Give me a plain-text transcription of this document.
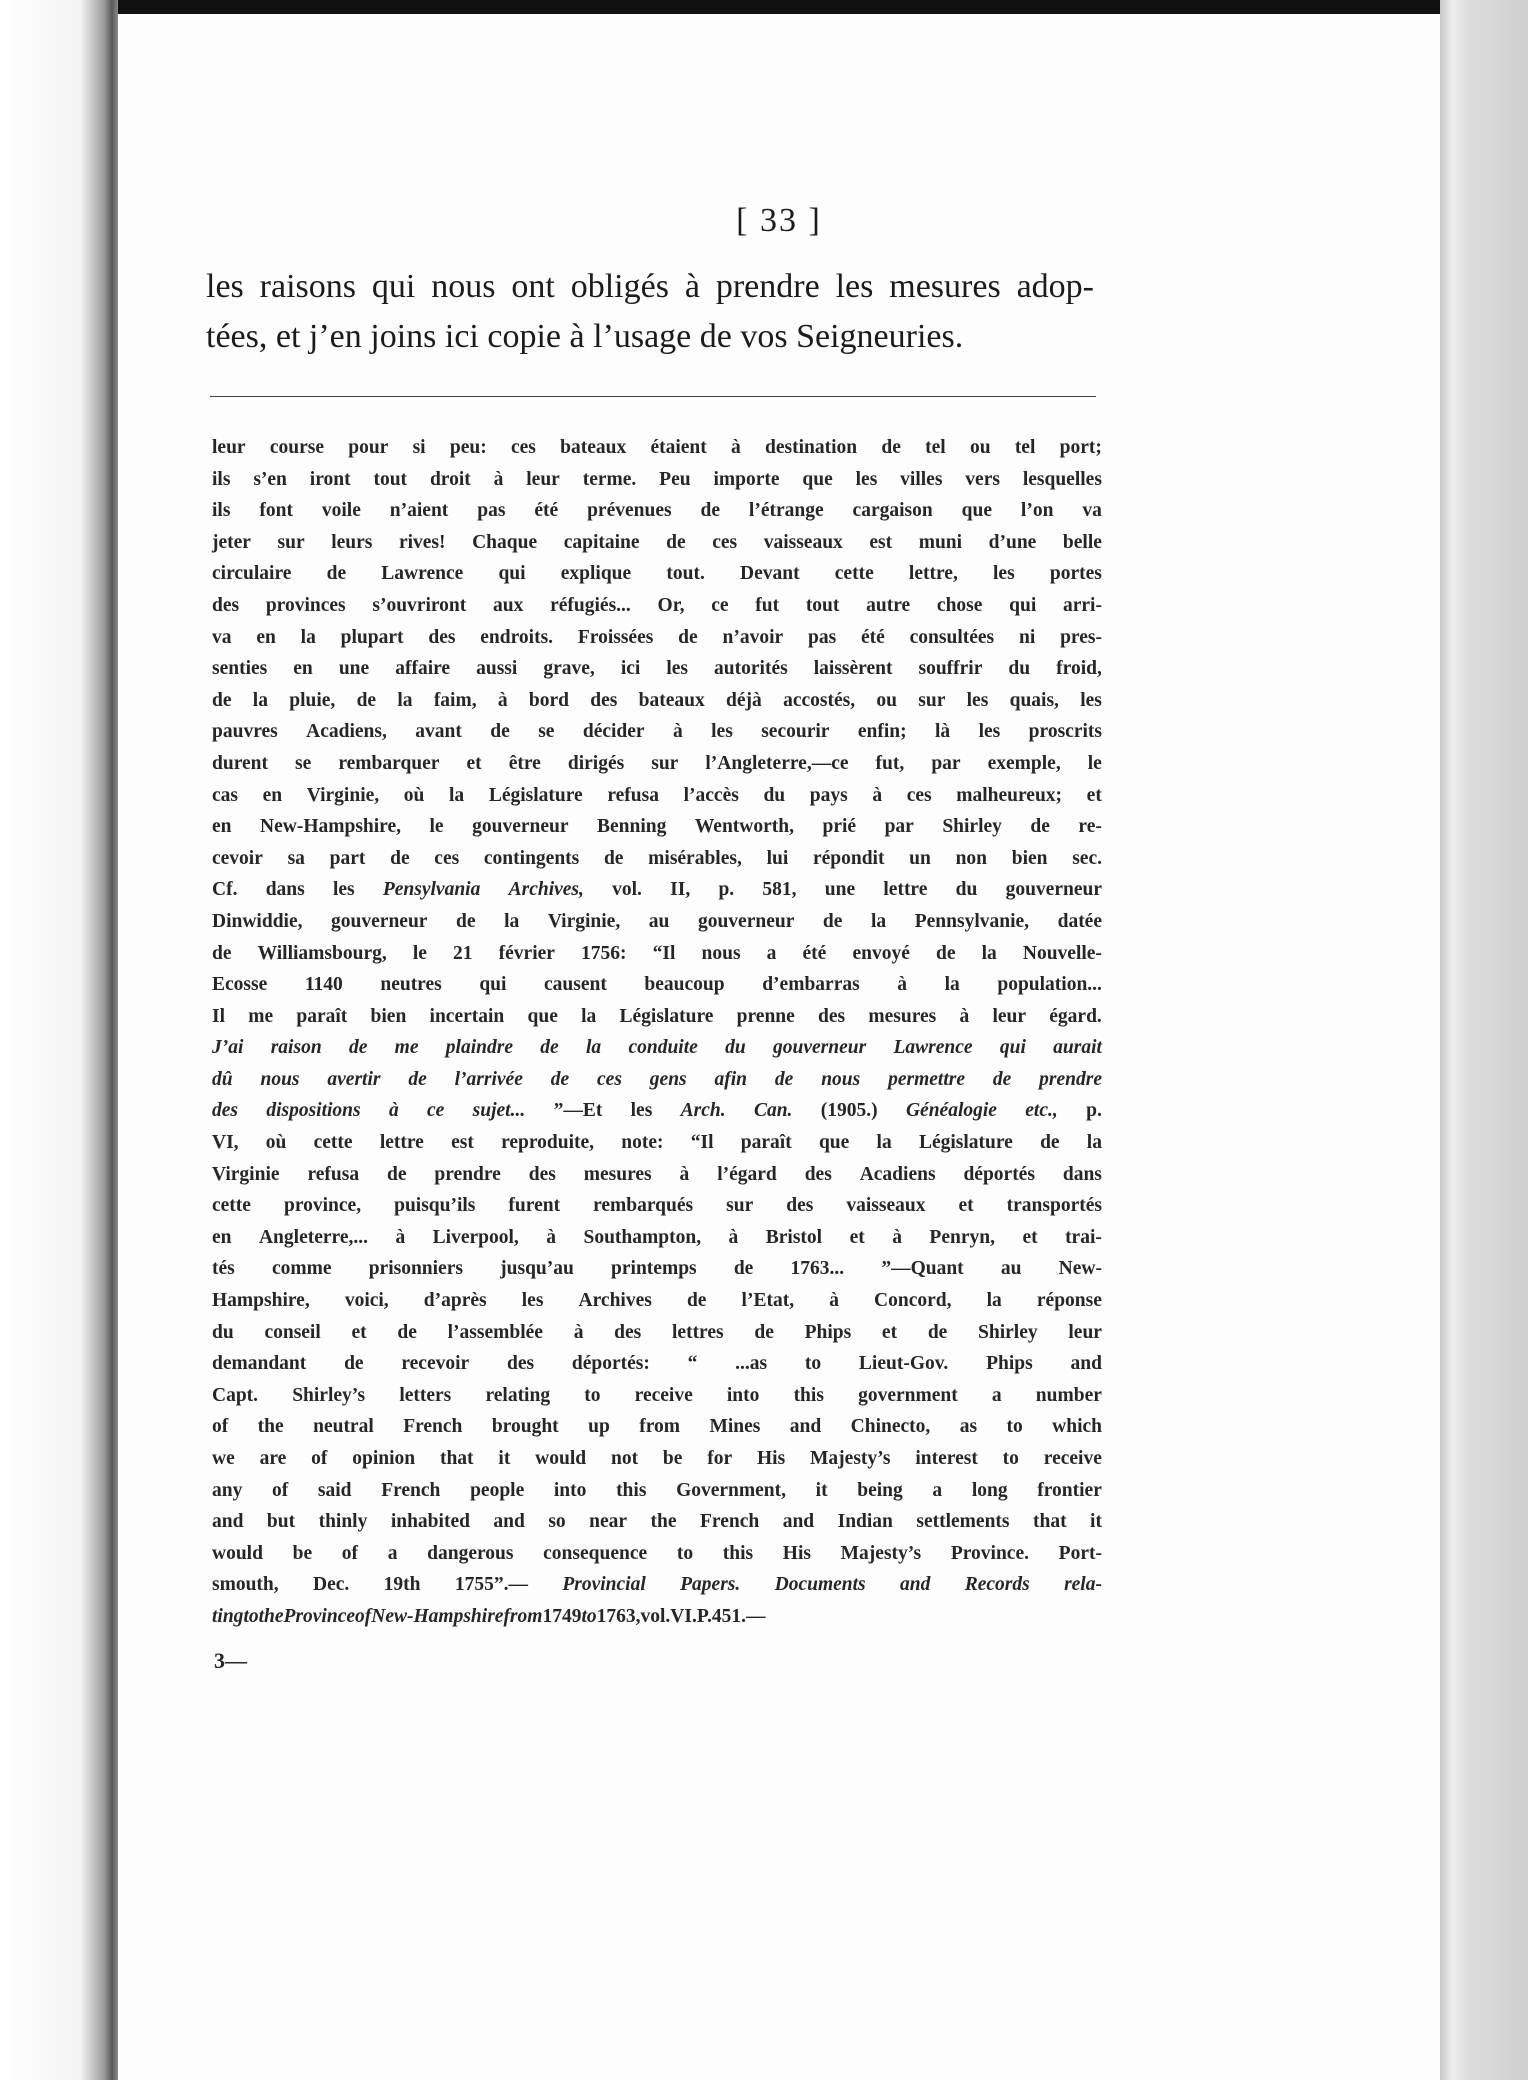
[ 33 ]
les raisons qui nous ont obligés à prendre les mesures adop-
tées, et j’en joins ici copie à l’usage de vos Seigneuries.
leur course pour si peu: ces bateaux étaient à destination de tel ou tel port;
ils s’en iront tout droit à leur terme. Peu importe que les villes vers lesquelles
ils font voile n’aient pas été prévenues de l’étrange cargaison que l’on va
jeter sur leurs rives! Chaque capitaine de ces vaisseaux est muni d’une belle
circulaire de Lawrence qui explique tout. Devant cette lettre, les portes
des provinces s’ouvriront aux réfugiés... Or, ce fut tout autre chose qui arri-
va en la plupart des endroits. Froissées de n’avoir pas été consultées ni pres-
senties en une affaire aussi grave, ici les autorités laissèrent souffrir du froid,
de la pluie, de la faim, à bord des bateaux déjà accostés, ou sur les quais, les
pauvres Acadiens, avant de se décider à les secourir enfin; là les proscrits
durent se rembarquer et être dirigés sur l’Angleterre,—ce fut, par exemple, le
cas en Virginie, où la Législature refusa l’accès du pays à ces malheureux; et
en New-Hampshire, le gouverneur Benning Wentworth, prié par Shirley de re-
cevoir sa part de ces contingents de misérables, lui répondit un non bien sec.
Cf. dans les Pensylvania Archives, vol. II, p. 581, une lettre du gouverneur
Dinwiddie, gouverneur de la Virginie, au gouverneur de la Pennsylvanie, datée
de Williamsbourg, le 21 février 1756: “Il nous a été envoyé de la Nouvelle-
Ecosse 1140 neutres qui causent beaucoup d’embarras à la population...
Il me paraît bien incertain que la Législature prenne des mesures à leur égard.
J’ai raison de me plaindre de la conduite du gouverneur Lawrence qui aurait
dû nous avertir de l’arrivée de ces gens afin de nous permettre de prendre
des dispositions à ce sujet... ”—Et les Arch. Can. (1905.) Généalogie etc., p.
VI, où cette lettre est reproduite, note: “Il paraît que la Législature de la
Virginie refusa de prendre des mesures à l’égard des Acadiens déportés dans
cette province, puisqu’ils furent rembarqués sur des vaisseaux et transportés
en Angleterre,... à Liverpool, à Southampton, à Bristol et à Penryn, et trai-
tés comme prisonniers jusqu’au printemps de 1763... ”—Quant au New-
Hampshire, voici, d’après les Archives de l’Etat, à Concord, la réponse
du conseil et de l’assemblée à des lettres de Phips et de Shirley leur
demandant de recevoir des déportés: “ ...as to Lieut-Gov. Phips and
Capt. Shirley’s letters relating to receive into this government a number
of the neutral French brought up from Mines and Chinecto, as to which
we are of opinion that it would not be for His Majesty’s interest to receive
any of said French people into this Government, it being a long frontier
and but thinly inhabited and so near the French and Indian settlements that it
would be of a dangerous consequence to this His Majesty’s Province. Port-
smouth, Dec. 19th 1755”.— Provincial Papers. Documents and Records rela-
ting to the Province of New-Hampshire from 1749 to 1763, vol. VI. P. 451.—
3—
